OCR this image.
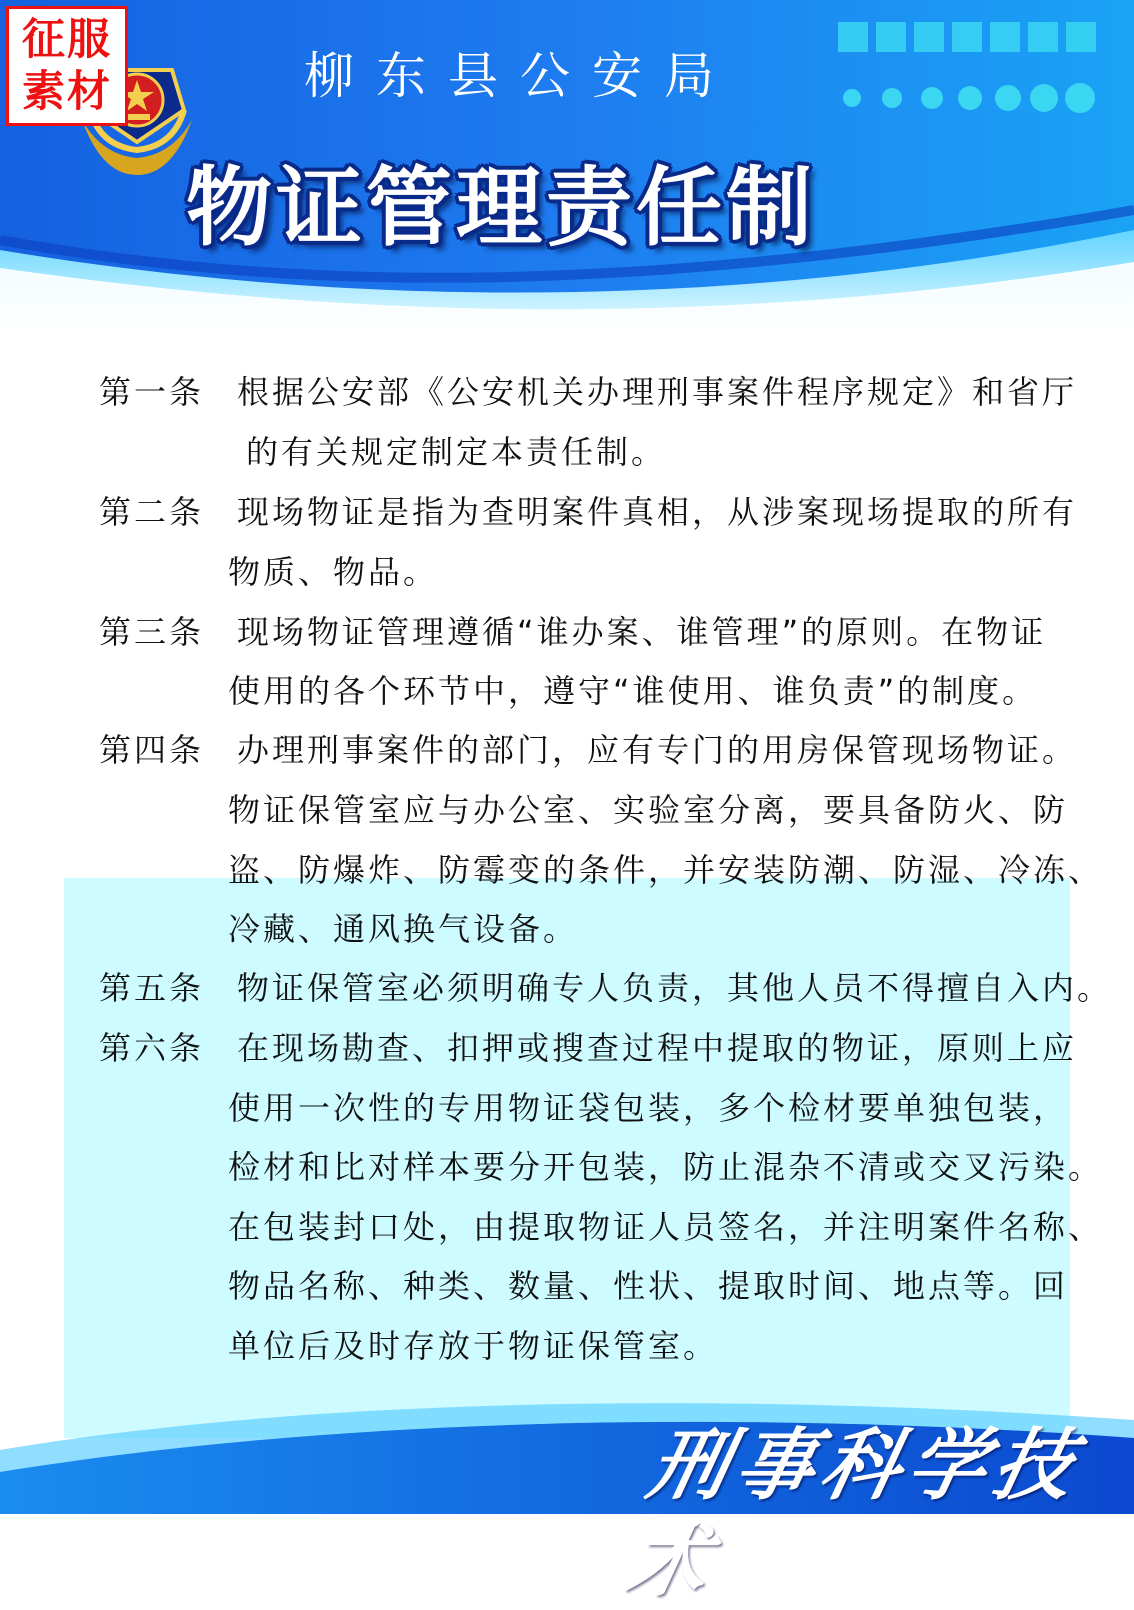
征服
素材	柳东县公安局
物证管理责任制
第一条 根据公安部《公安机关办理刑事案件程序规定》和省厅
的有关规定制定本责任制。
第二条 现场物证是指为查明案件真相，从涉案现场提取的所有
物质、物品。
第三条 现场物证管理遵循“谁办案、谁管理”的原则。在物证
使用的各个环节中，遵守“谁使用、谁负责”的制度。
第四条 办理刑事案件的部门，应有专门的用房保管现场物证。
物证保管室应与办公室、实验室分离，要具备防火、防
盗、防爆炸、防霉变的条件，并安装防潮、防湿、冷冻、
冷藏、通风换气设备。
第五条 物证保管室必须明确专人负责，其他人员不得擅自入内。
第六条 在现场勘查、扣押或搜查过程中提取的物证，原则上应
使用一次性的专用物证袋包装，多个检材要单独包装，
检材和比对样本要分开包装，防止混杂不清或交叉污染。
在包装封口处，由提取物证人员签名，并注明案件名称、
物品名称、种类、数量、性状、提取时间、地点等。回
单位后及时存放于物证保管室。
刑事科学技术
